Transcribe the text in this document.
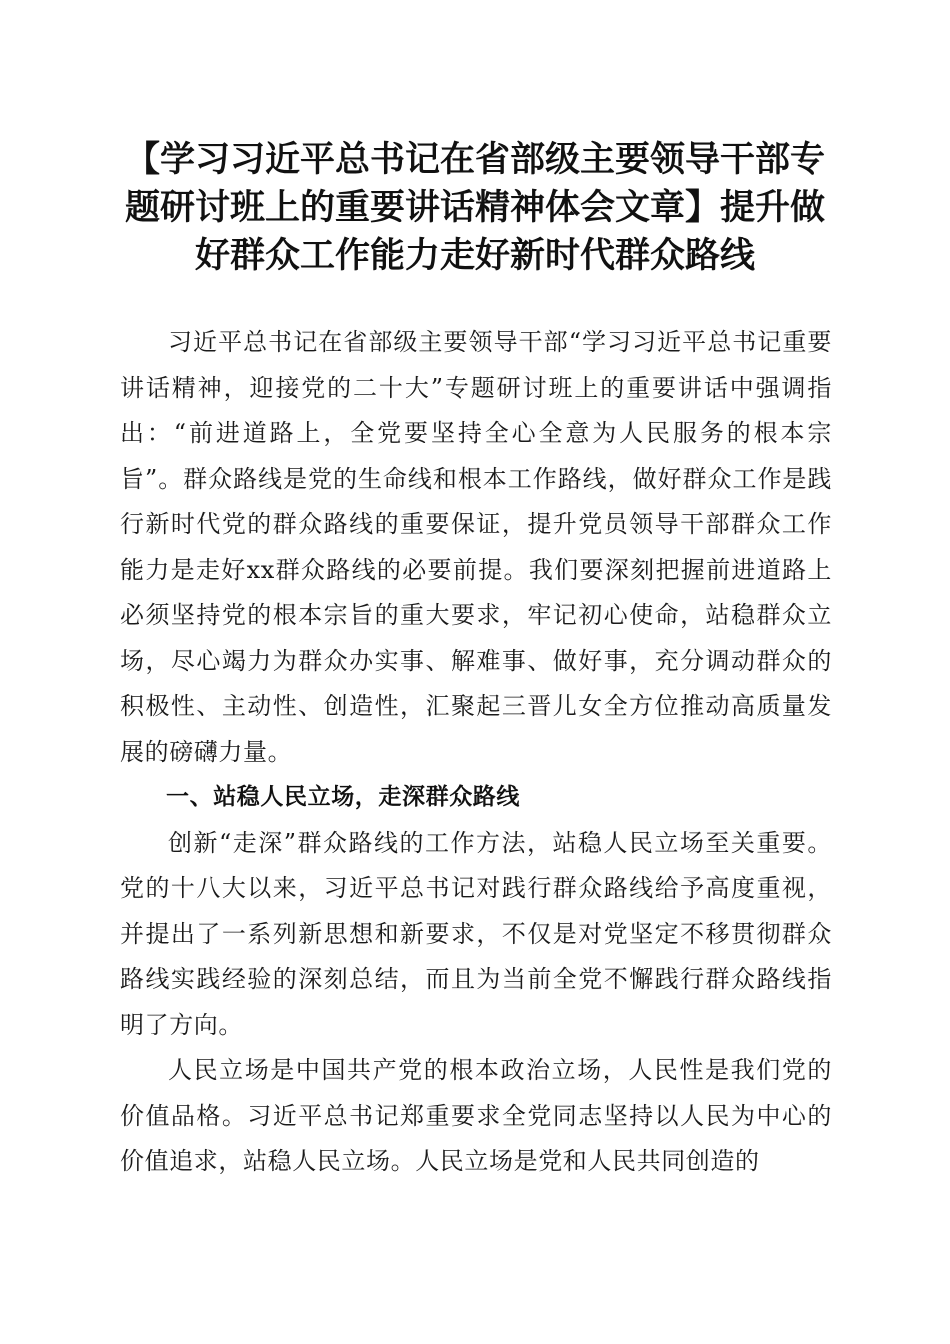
【学习习近平总书记在省部级主要领导干部专题研讨班上的重要讲话精神体会文章】提升做好群众工作能力走好新时代群众路线

习近平总书记在省部级主要领导干部“学习习近平总书记重要讲话精神，迎接党的二十大”专题研讨班上的重要讲话中强调指出：“前进道路上，全党要坚持全心全意为人民服务的根本宗旨”。群众路线是党的生命线和根本工作路线，做好群众工作是践行新时代党的群众路线的重要保证，提升党员领导干部群众工作能力是走好xx群众路线的必要前提。我们要深刻把握前进道路上必须坚持党的根本宗旨的重大要求，牢记初心使命，站稳群众立场，尽心竭力为群众办实事、解难事、做好事，充分调动群众的积极性、主动性、创造性，汇聚起三晋儿女全方位推动高质量发展的磅礴力量。

一、站稳人民立场，走深群众路线

创新“走深”群众路线的工作方法，站稳人民立场至关重要。党的十八大以来，习近平总书记对践行群众路线给予高度重视，并提出了一系列新思想和新要求，不仅是对党坚定不移贯彻群众路线实践经验的深刻总结，而且为当前全党不懈践行群众路线指明了方向。

人民立场是中国共产党的根本政治立场，人民性是我们党的价值品格。习近平总书记郑重要求全党同志坚持以人民为中心的价值追求，站稳人民立场。人民立场是党和人民共同创造的
